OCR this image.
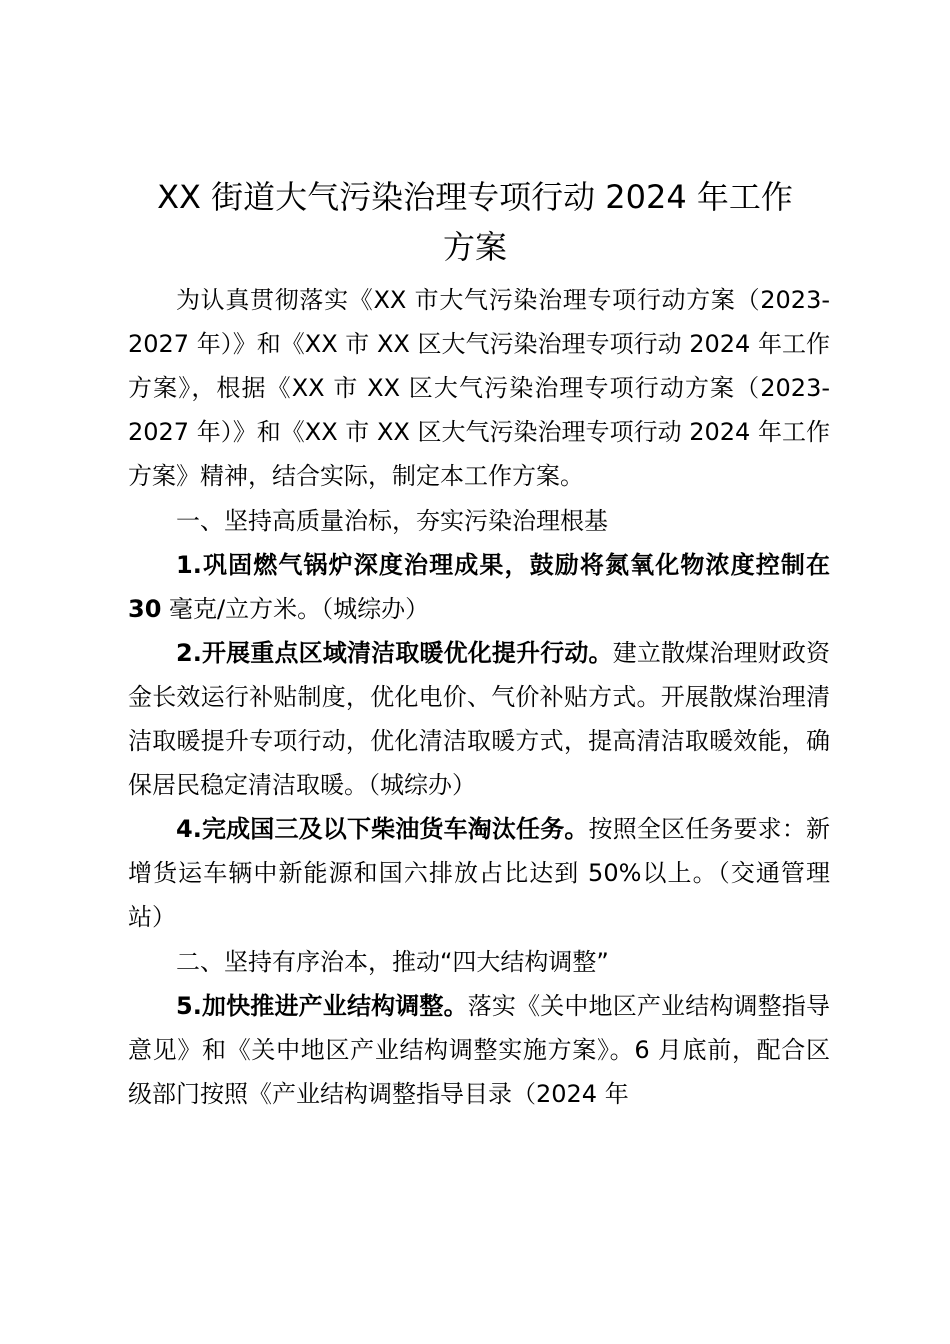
XX 街道大气污染治理专项行动 2024 年工作
方案

为认真贯彻落实《XX 市大气污染治理专项行动方案（2023-2027 年）》和《XX 市 XX 区大气污染治理专项行动 2024 年工作方案》，根据《XX 市 XX 区大气污染治理专项行动方案（2023-2027 年）》和《XX 市 XX 区大气污染治理专项行动 2024 年工作方案》精神，结合实际，制定本工作方案。

一、坚持高质量治标，夯实污染治理根基

1.巩固燃气锅炉深度治理成果，鼓励将氮氧化物浓度控制在 30 毫克/立方米。（城综办）

2.开展重点区域清洁取暖优化提升行动。建立散煤治理财政资金长效运行补贴制度，优化电价、气价补贴方式。开展散煤治理清洁取暖提升专项行动，优化清洁取暖方式，提高清洁取暖效能，确保居民稳定清洁取暖。（城综办）

4.完成国三及以下柴油货车淘汰任务。按照全区任务要求：新增货运车辆中新能源和国六排放占比达到 50%以上。（交通管理站）

二、坚持有序治本，推动“四大结构调整”

5.加快推进产业结构调整。落实《关中地区产业结构调整指导意见》和《关中地区产业结构调整实施方案》。6 月底前，配合区级部门按照《产业结构调整指导目录（2024 年
